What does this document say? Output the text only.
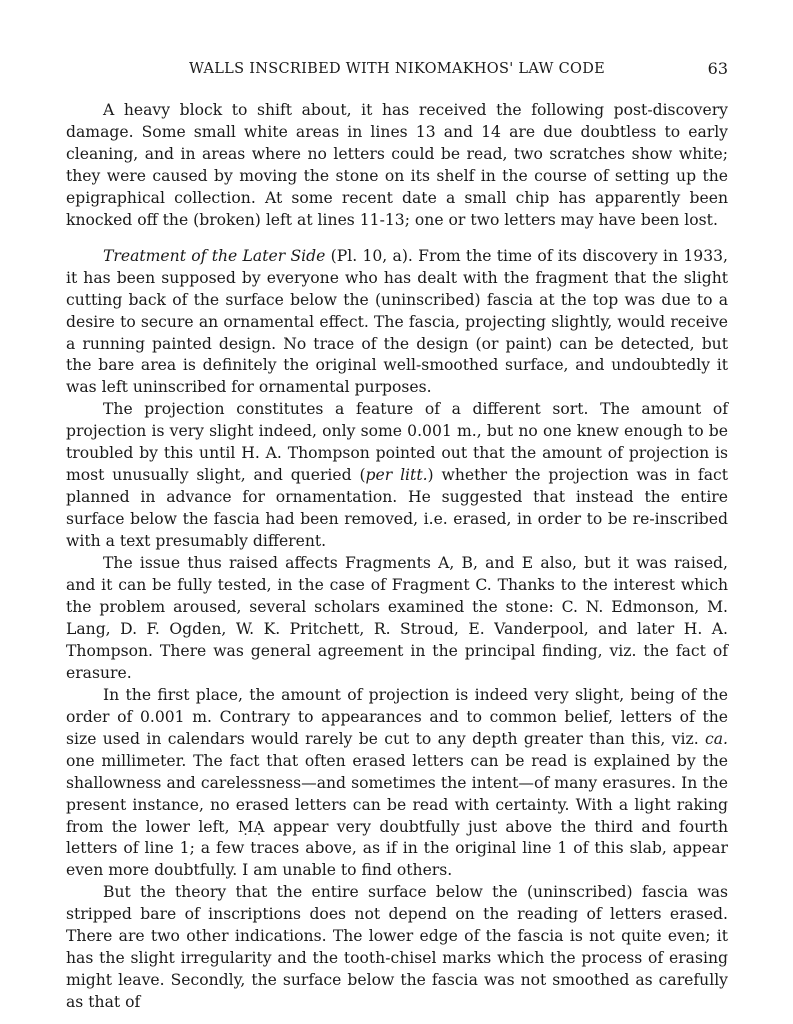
WALLS INSCRIBED WITH NIKOMAKHOS' LAW CODE	63

A heavy block to shift about, it has received the following post-discovery damage. Some small white areas in lines 13 and 14 are due doubtless to early cleaning, and in areas where no letters could be read, two scratches show white; they were caused by moving the stone on its shelf in the course of setting up the epigraphical collection. At some recent date a small chip has apparently been knocked off the (broken) left at lines 11-13; one or two letters may have been lost.

Treatment of the Later Side (Pl. 10, a). From the time of its discovery in 1933, it has been supposed by everyone who has dealt with the fragment that the slight cutting back of the surface below the (uninscribed) fascia at the top was due to a desire to secure an ornamental effect. The fascia, projecting slightly, would receive a running painted design. No trace of the design (or paint) can be detected, but the bare area is definitely the original well-smoothed surface, and undoubtedly it was left uninscribed for ornamental purposes.

The projection constitutes a feature of a different sort. The amount of projection is very slight indeed, only some 0.001 m., but no one knew enough to be troubled by this until H. A. Thompson pointed out that the amount of projection is most unusually slight, and queried (per litt.) whether the projection was in fact planned in advance for ornamentation. He suggested that instead the entire surface below the fascia had been removed, i.e. erased, in order to be re-inscribed with a text presumably different.

The issue thus raised affects Fragments A, B, and E also, but it was raised, and it can be fully tested, in the case of Fragment C. Thanks to the interest which the problem aroused, several scholars examined the stone: C. N. Edmonson, M. Lang, D. F. Ogden, W. K. Pritchett, R. Stroud, E. Vanderpool, and later H. A. Thompson. There was general agreement in the principal finding, viz. the fact of erasure.

In the first place, the amount of projection is indeed very slight, being of the order of 0.001 m. Contrary to appearances and to common belief, letters of the size used in calendars would rarely be cut to any depth greater than this, viz. ca. one millimeter. The fact that often erased letters can be read is explained by the shallowness and carelessness—and sometimes the intent—of many erasures. In the present instance, no erased letters can be read with certainty. With a light raking from the lower left, ṂẠ appear very doubtfully just above the third and fourth letters of line 1; a few traces above, as if in the original line 1 of this slab, appear even more doubtfully. I am unable to find others.

But the theory that the entire surface below the (uninscribed) fascia was stripped bare of inscriptions does not depend on the reading of letters erased. There are two other indications. The lower edge of the fascia is not quite even; it has the slight irregularity and the tooth-chisel marks which the process of erasing might leave. Secondly, the surface below the fascia was not smoothed as carefully as that of
